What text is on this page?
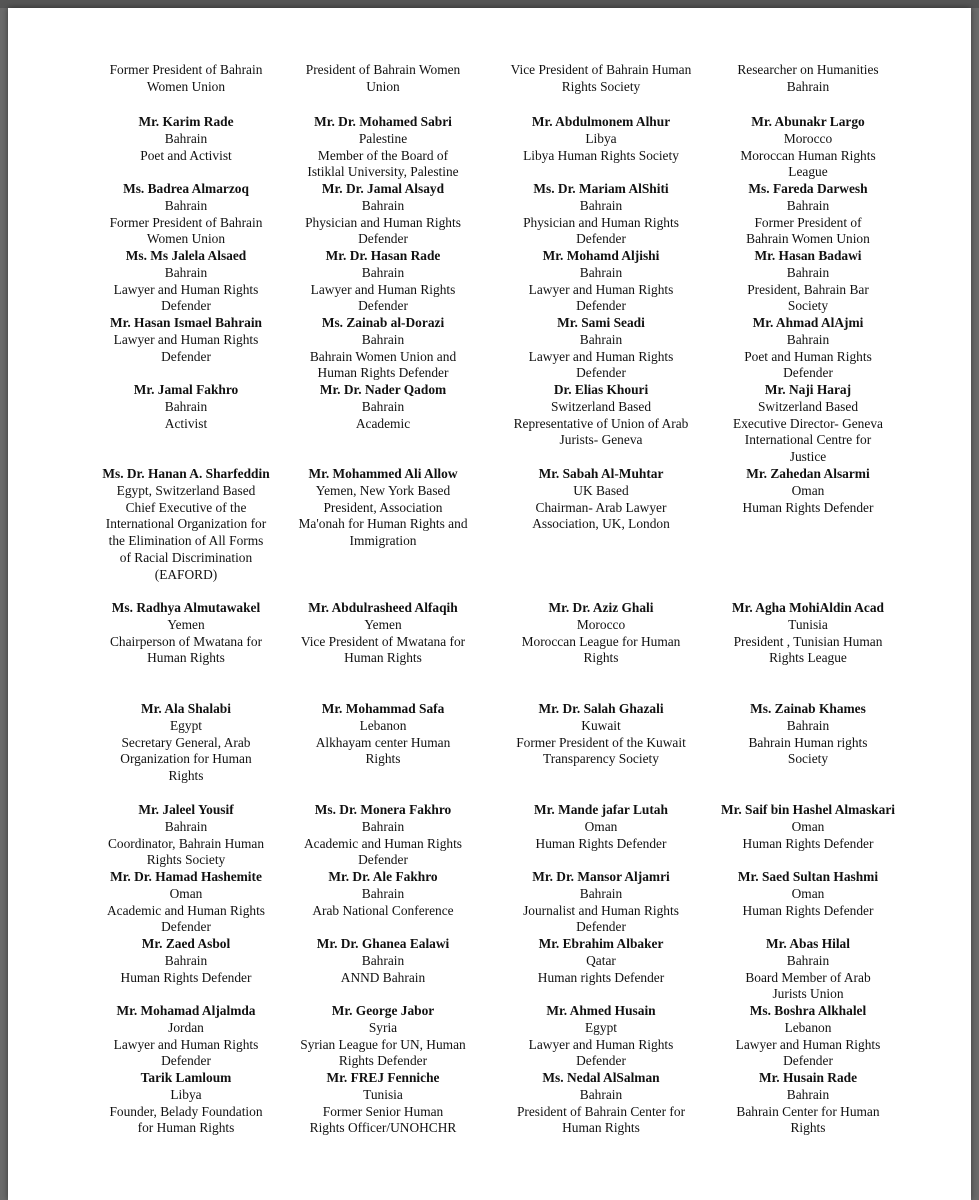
Former President of Bahrain
Women Union
President of Bahrain Women
Union
Vice President of Bahrain Human
Rights Society
Researcher on Humanities
Bahrain
Mr. Karim Rade
Bahrain
Poet and Activist
Mr. Dr. Mohamed Sabri
Palestine
Member of the Board of
Istiklal University, Palestine
Mr. Abdulmonem Alhur
Libya
Libya Human Rights Society
Mr. Abunakr Largo
Morocco
Moroccan Human Rights
League
Ms. Badrea Almarzoq
Bahrain
Former President of Bahrain
Women Union
Mr. Dr. Jamal Alsayd
Bahrain
Physician and Human Rights
Defender
Ms. Dr. Mariam AlShiti
Bahrain
Physician and Human Rights
Defender
Ms. Fareda Darwesh
Bahrain
Former President of
Bahrain Women Union
Ms. Ms Jalela Alsaed
Bahrain
Lawyer and Human Rights
Defender
Mr. Dr. Hasan Rade
Bahrain
Lawyer and Human Rights
Defender
Mr. Mohamd Aljishi
Bahrain
Lawyer and Human Rights
Defender
Mr. Hasan Badawi
Bahrain
President, Bahrain Bar
Society
Mr. Hasan Ismael Bahrain
Lawyer and Human Rights
Defender
Ms. Zainab al-Dorazi
Bahrain
Bahrain Women Union and
Human Rights Defender
Mr. Sami Seadi
Bahrain
Lawyer and Human Rights
Defender
Mr. Ahmad AlAjmi
Bahrain
Poet and Human Rights
Defender
Mr. Jamal Fakhro
Bahrain
Activist
Mr. Dr. Nader Qadom
Bahrain
Academic
Dr. Elias Khouri
Switzerland Based
Representative of Union of Arab
Jurists- Geneva
Mr. Naji Haraj
Switzerland Based
Executive Director- Geneva
International Centre for
Justice
Ms. Dr. Hanan A. Sharfeddin
Egypt, Switzerland Based
Chief Executive of the
International Organization for
the Elimination of All Forms
of Racial Discrimination
(EAFORD)
Mr. Mohammed Ali Allow
Yemen, New York Based
President, Association
Ma'onah for Human Rights and
Immigration
Mr. Sabah Al-Muhtar
UK Based
Chairman- Arab Lawyer
Association, UK, London
Mr. Zahedan Alsarmi
Oman
Human Rights Defender
Ms. Radhya Almutawakel
Yemen
Chairperson of Mwatana for
Human Rights
Mr. Abdulrasheed Alfaqih
Yemen
Vice President of Mwatana for
Human Rights
Mr. Dr. Aziz Ghali
Morocco
Moroccan League for Human
Rights
Mr. Agha MohiAldin Acad
Tunisia
President , Tunisian Human
Rights League
Mr. Ala Shalabi
Egypt
Secretary General, Arab
Organization for Human
Rights
Mr. Mohammad Safa
Lebanon
Alkhayam center Human
Rights
Mr. Dr. Salah Ghazali
Kuwait
Former President of the Kuwait
Transparency Society
Ms. Zainab Khames
Bahrain
Bahrain Human rights
Society
Mr. Jaleel Yousif
Bahrain
Coordinator, Bahrain Human
Rights Society
Ms. Dr. Monera Fakhro
Bahrain
Academic and Human Rights
Defender
Mr. Mande jafar Lutah
Oman
Human Rights Defender
Mr. Saif bin Hashel Almaskari
Oman
Human Rights Defender
Mr. Dr. Hamad Hashemite
Oman
Academic and Human Rights
Defender
Mr. Dr. Ale Fakhro
Bahrain
Arab National Conference
Mr. Dr. Mansor Aljamri
Bahrain
Journalist and Human Rights
Defender
Mr. Saed Sultan Hashmi
Oman
Human Rights Defender
Mr. Zaed Asbol
Bahrain
Human Rights Defender
Mr. Dr. Ghanea Ealawi
Bahrain
ANND Bahrain
Mr. Ebrahim Albaker
Qatar
Human rights Defender
Mr. Abas Hilal
Bahrain
Board Member of Arab
Jurists Union
Mr. Mohamad Aljalmda
Jordan
Lawyer and Human Rights
Defender
Mr. George Jabor
Syria
Syrian League for UN, Human
Rights Defender
Mr. Ahmed Husain
Egypt
Lawyer and Human Rights
Defender
Ms. Boshra Alkhalel
Lebanon
Lawyer and Human Rights
Defender
Tarik Lamloum
Libya
Founder, Belady Foundation
for Human Rights
Mr. FREJ Fenniche
Tunisia
Former Senior Human
Rights Officer/UNOHCHR
Ms. Nedal AlSalman
Bahrain
President of Bahrain Center for
Human Rights
Mr. Husain Rade
Bahrain
Bahrain Center for Human
Rights
